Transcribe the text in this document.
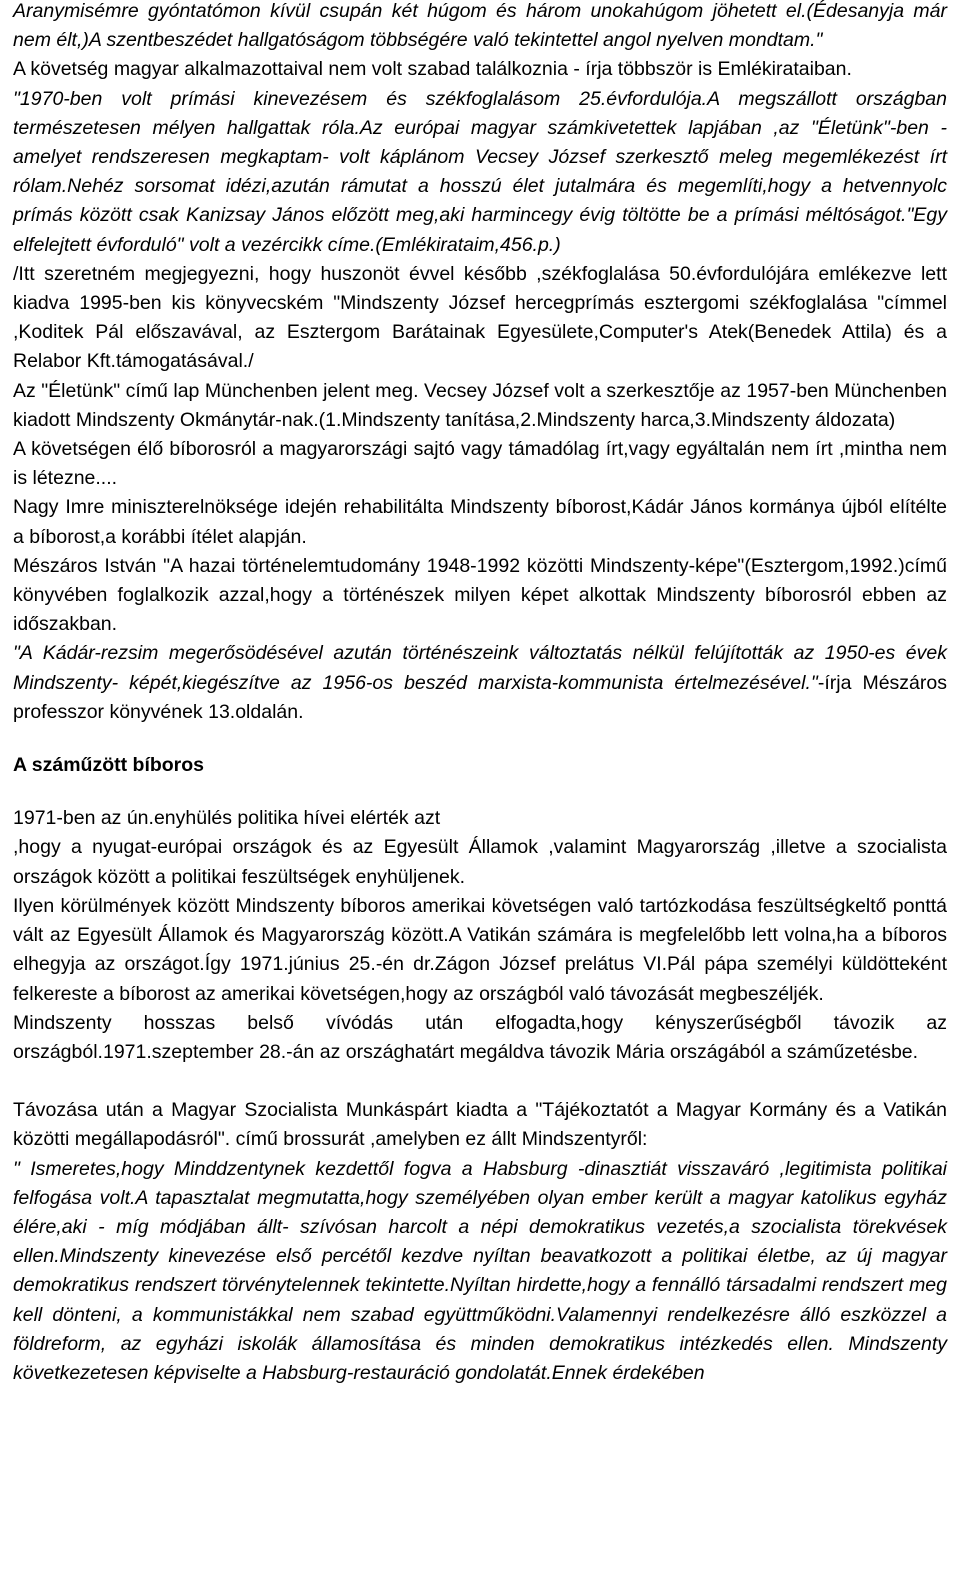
Aranymisémre gyóntatómon kívül csupán két húgom és három unokahúgom jöhetett el.(Édesanyja már nem élt,)A szentbeszédet hallgatóságom többségére való tekintettel angol nyelven mondtam."

A követség magyar alkalmazottaival nem volt szabad találkoznia - írja többször is Emlékirataiban.

"1970-ben volt prímási kinevezésem és székfoglalásom 25.évfordulója.A megszállott országban természetesen mélyen hallgattak róla.Az európai magyar számkivetettek lapjában ,az "Életünk"-ben - amelyet rendszeresen megkaptam- volt káplánom Vecsey József szerkesztő meleg megemlékezést írt rólam.Nehéz sorsomat idézi,azután rámutat a hosszú élet jutalmára és megemlíti,hogy a hetvennyolc prímás között csak Kanizsay János előzött meg,aki harmincegy évig töltötte be a prímási méltóságot."Egy elfelejtett évforduló" volt a vezércikk címe.(Emlékirataim,456.p.)

/Itt szeretném megjegyezni, hogy huszonöt évvel később ,székfoglalása 50.évfordulójára emlékezve lett kiadva 1995-ben kis könyvecském "Mindszenty József hercegprímás esztergomi székfoglalása "címmel ,Koditek Pál előszavával, az Esztergom Barátainak Egyesülete,Computer's Atek(Benedek Attila) és a Relabor Kft.támogatásával./

Az "Életünk" című lap Münchenben jelent meg. Vecsey József volt a szerkesztője az 1957-ben Münchenben kiadott Mindszenty Okmánytár-nak.(1.Mindszenty tanítása,2.Mindszenty harca,3.Mindszenty áldozata)

A követségen élő bíborosról a magyarországi sajtó vagy támadólag írt,vagy egyáltalán nem írt ,mintha nem is létezne....

Nagy Imre miniszterelnöksége idején rehabilitálta Mindszenty bíborost,Kádár János kormánya újból elítélte a bíborost,a korábbi ítélet alapján.

Mészáros István "A hazai történelemtudomány 1948-1992 közötti Mindszenty-képe"(Esztergom,1992.)című könyvében foglalkozik azzal,hogy a történészek milyen képet alkottak Mindszenty bíborosról ebben az időszakban.

"A Kádár-rezsim megerősödésével azután történészeink változtatás nélkül felújították az 1950-es évek Mindszenty- képét,kiegészítve az 1956-os beszéd marxista-kommunista értelmezésével."-írja Mészáros professzor könyvének 13.oldalán.

A száműzött bíboros

1971-ben az ún.enyhülés politika hívei elérték azt

,hogy a nyugat-európai országok és az Egyesült Államok ,valamint Magyarország ,illetve a szocialista országok között a politikai feszültségek enyhüljenek.

Ilyen körülmények között Mindszenty bíboros amerikai követségen való tartózkodása feszültségkeltő ponttá vált az Egyesült Államok és Magyarország között.A Vatikán számára is megfelelőbb lett volna,ha a bíboros elhegyja az országot.Így 1971.június 25.-én dr.Zágon József prelátus VI.Pál pápa személyi küldötteként felkereste a bíborost az amerikai követségen,hogy az országból való távozását megbeszéljék.

Mindszenty hosszas belső vívódás után elfogadta,hogy kényszerűségből távozik az országból.1971.szeptember 28.-án az országhatárt megáldva távozik Mária országából a száműzetésbe.

Távozása után a Magyar Szocialista Munkáspárt kiadta a "Tájékoztatót a Magyar Kormány és a Vatikán közötti megállapodásról". című brossurát ,amelyben ez állt Mindszentyről:

" Ismeretes,hogy Minddzentynek kezdettől fogva a Habsburg -dinasztiát visszaváró ,legitimista politikai felfogása volt.A tapasztalat megmutatta,hogy személyében olyan ember került a magyar katolikus egyház élére,aki - míg módjában állt- szívósan harcolt a népi demokratikus vezetés,a szocialista törekvések ellen.Mindszenty kinevezése első percétől kezdve nyíltan beavatkozott a politikai életbe, az új magyar demokratikus rendszert törvénytelennek tekintette.Nyíltan hirdette,hogy a fennálló társadalmi rendszert meg kell dönteni, a kommunistákkal nem szabad együttműködni.Valamennyi rendelkezésre álló eszközzel a földreform, az egyházi iskolák államosítása és minden demokratikus intézkedés ellen. Mindszenty következetesen képviselte a Habsburg-restauráció gondolatát.Ennek érdekében
